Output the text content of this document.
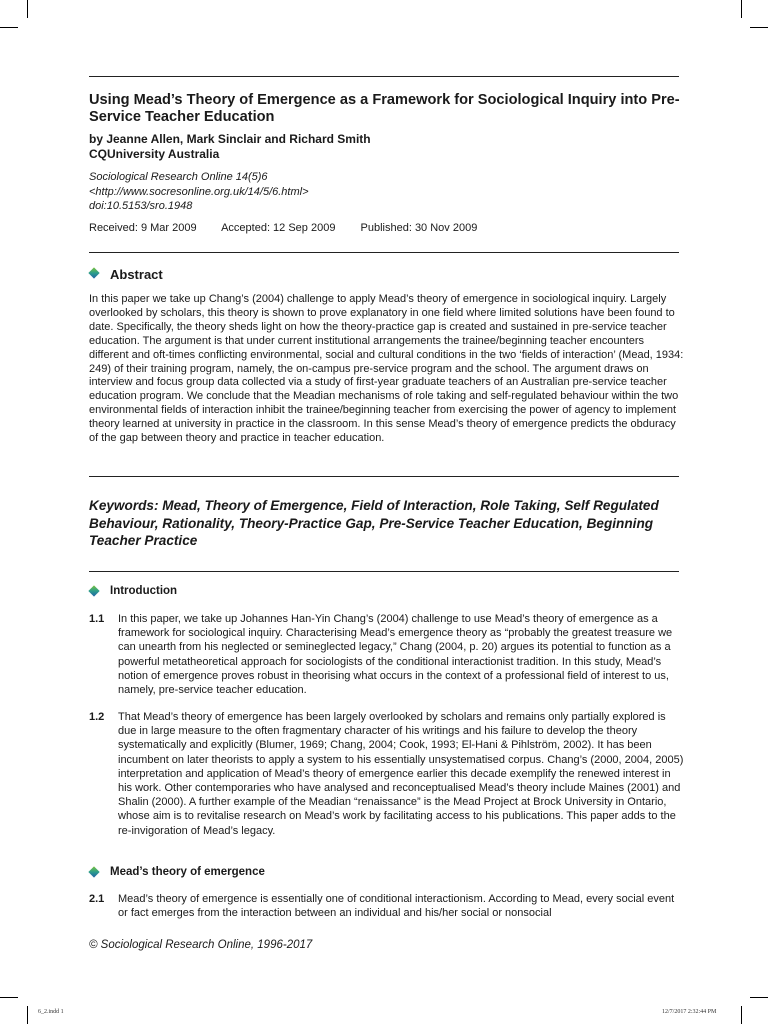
Using Mead’s Theory of Emergence as a Framework for Sociological Inquiry into Pre-Service Teacher Education
by Jeanne Allen, Mark Sinclair and Richard Smith
CQUniversity Australia
Sociological Research Online 14(5)6
<http://www.socresonline.org.uk/14/5/6.html>
doi:10.5153/sro.1948
Received: 9 Mar 2009 Accepted: 12 Sep 2009 Published: 30 Nov 2009
Abstract

In this paper we take up Chang’s (2004) challenge to apply Mead’s theory of emergence in sociological inquiry. Largely overlooked by scholars, this theory is shown to prove explanatory in one field where limited solutions have been found to date. Specifically, the theory sheds light on how the theory-practice gap is created and sustained in pre-service teacher education. The argument is that under current institutional arrangements the trainee/beginning teacher encounters different and oft-times conflicting environmental, social and cultural conditions in the two ‘fields of interaction’ (Mead, 1934: 249) of their training program, namely, the on-campus pre-service program and the school. The argument draws on interview and focus group data collected via a study of first-year graduate teachers of an Australian pre-service teacher education program. We conclude that the Meadian mechanisms of role taking and self-regulated behaviour within the two environmental fields of interaction inhibit the trainee/beginning teacher from exercising the power of agency to implement theory learned at university in practice in the classroom. In this sense Mead’s theory of emergence predicts the obduracy of the gap between theory and practice in teacher education.

Keywords: Mead, Theory of Emergence, Field of Interaction, Role Taking, Self Regulated Behaviour, Rationality, Theory-Practice Gap, Pre-Service Teacher Education, Beginning Teacher Practice

Introduction
1.1 In this paper, we take up Johannes Han-Yin Chang’s (2004) challenge to use Mead’s theory of emergence as a framework for sociological inquiry. Characterising Mead’s emergence theory as “probably the greatest treasure we can unearth from his neglected or semineglected legacy,” Chang (2004, p. 20) argues its potential to function as a powerful metatheoretical approach for sociologists of the conditional interactionist tradition. In this study, Mead’s notion of emergence proves robust in theorising what occurs in the context of a professional field of interest to us, namely, pre-service teacher education.
1.2 That Mead’s theory of emergence has been largely overlooked by scholars and remains only partially explored is due in large measure to the often fragmentary character of his writings and his failure to develop the theory systematically and explicitly (Blumer, 1969; Chang, 2004; Cook, 1993; El-Hani & Pihlström, 2002). It has been incumbent on later theorists to apply a system to his essentially unsystematised corpus. Chang’s (2000, 2004, 2005) interpretation and application of Mead’s theory of emergence earlier this decade exemplify the renewed interest in his work. Other contemporaries who have analysed and reconceptualised Mead’s theory include Maines (2001) and Shalin (2000). A further example of the Meadian “renaissance” is the Mead Project at Brock University in Ontario, whose aim is to revitalise research on Mead’s work by facilitating access to his publications. This paper adds to the re-invigoration of Mead’s legacy.
Mead’s theory of emergence
2.1 Mead’s theory of emergence is essentially one of conditional interactionism. According to Mead, every social event or fact emerges from the interaction between an individual and his/her social or nonsocial
© Sociological Research Online, 1996-2017
6_2.indd 1	12/7/2017 2:32:44 PM
